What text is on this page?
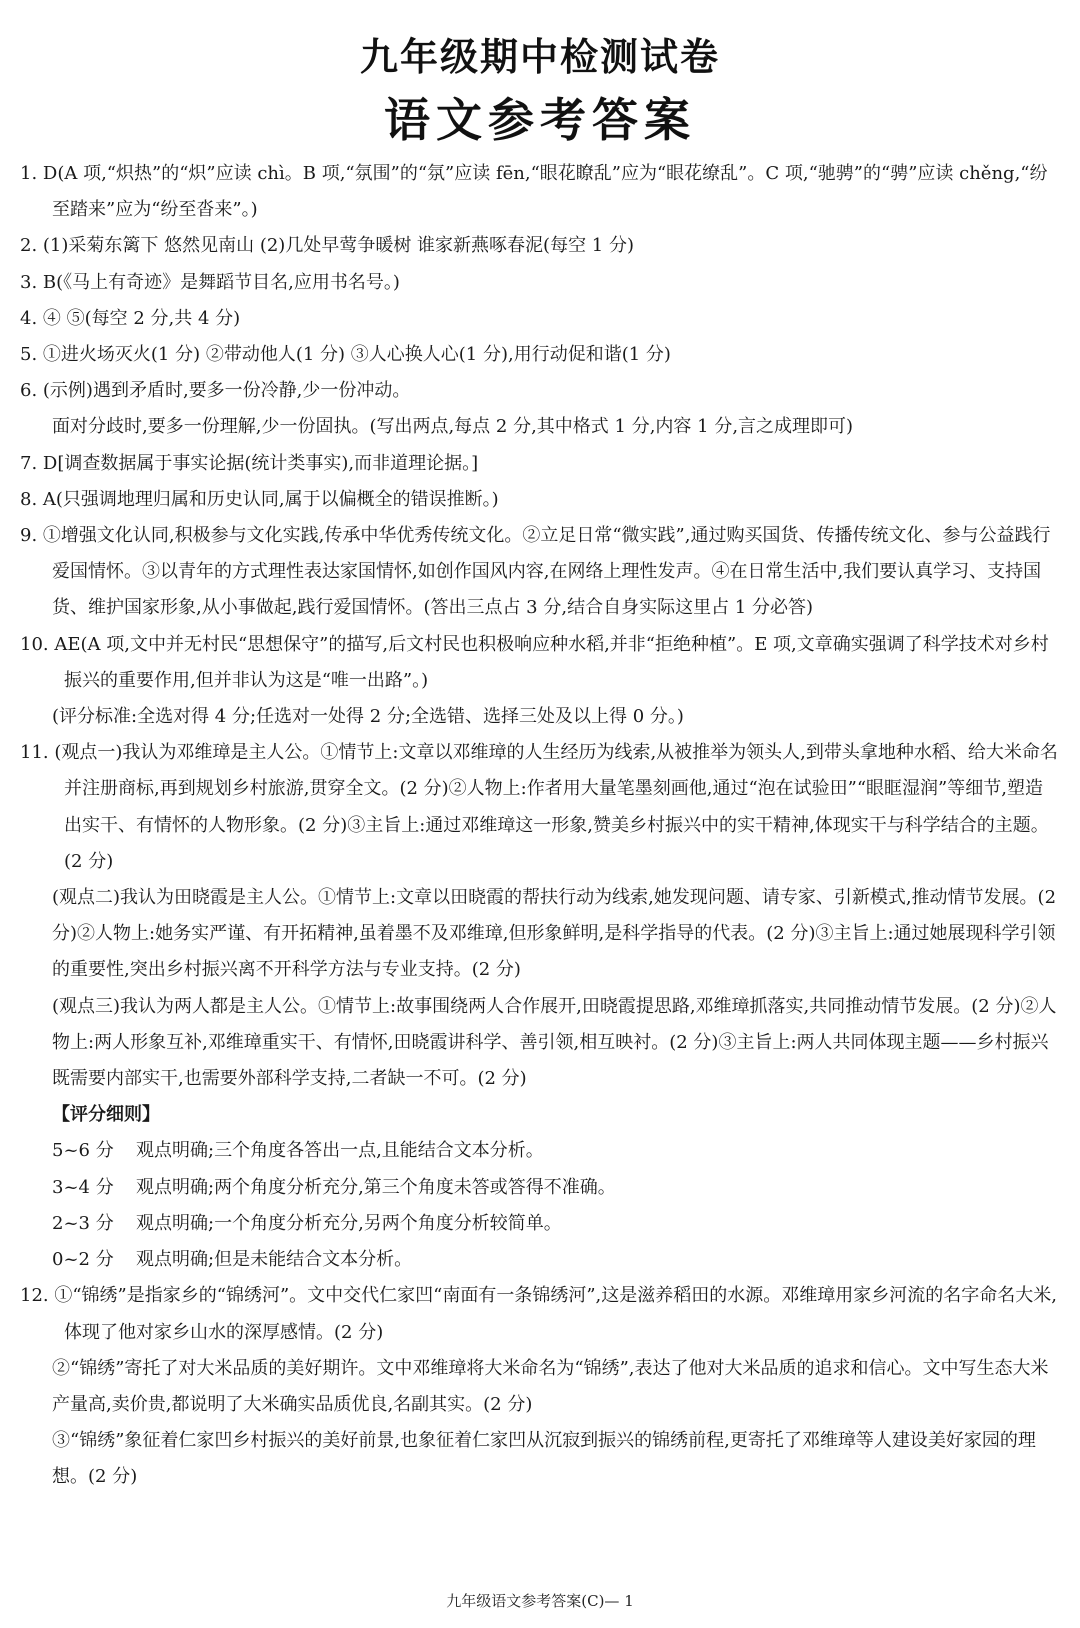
九年级期中检测试卷
语文参考答案

1. D(A 项,“炽热”的“炽”应读 chì。B 项,“氛围”的“氛”应读 fēn,“眼花瞭乱”应为“眼花缭乱”。C 项,“驰骋”的“骋”应读 chěng,“纷至踏来”应为“纷至沓来”。)

2. (1)采菊东篱下 悠然见南山 (2)几处早莺争暖树 谁家新燕啄春泥(每空 1 分)

3. B(《马上有奇迹》是舞蹈节目名,应用书名号。)

4. ④ ⑤(每空 2 分,共 4 分)

5. ①进火场灭火(1 分) ②带动他人(1 分) ③人心换人心(1 分),用行动促和谐(1 分)

6. (示例)遇到矛盾时,要多一份冷静,少一份冲动。

面对分歧时,要多一份理解,少一份固执。(写出两点,每点 2 分,其中格式 1 分,内容 1 分,言之成理即可)

7. D[调查数据属于事实论据(统计类事实),而非道理论据。]

8. A(只强调地理归属和历史认同,属于以偏概全的错误推断。)

9. ①增强文化认同,积极参与文化实践,传承中华优秀传统文化。②立足日常“微实践”,通过购买国货、传播传统文化、参与公益践行爱国情怀。③以青年的方式理性表达家国情怀,如创作国风内容,在网络上理性发声。④在日常生活中,我们要认真学习、支持国货、维护国家形象,从小事做起,践行爱国情怀。(答出三点占 3 分,结合自身实际这里占 1 分必答)

10. AE(A 项,文中并无村民“思想保守”的描写,后文村民也积极响应种水稻,并非“拒绝种植”。E 项,文章确实强调了科学技术对乡村振兴的重要作用,但并非认为这是“唯一出路”。)

(评分标准:全选对得 4 分;任选对一处得 2 分;全选错、选择三处及以上得 0 分。)

11. (观点一)我认为邓维璋是主人公。①情节上:文章以邓维璋的人生经历为线索,从被推举为领头人,到带头拿地种水稻、给大米命名并注册商标,再到规划乡村旅游,贯穿全文。(2 分)②人物上:作者用大量笔墨刻画他,通过“泡在试验田”“眼眶湿润”等细节,塑造出实干、有情怀的人物形象。(2 分)③主旨上:通过邓维璋这一形象,赞美乡村振兴中的实干精神,体现实干与科学结合的主题。(2 分)

(观点二)我认为田晓霞是主人公。①情节上:文章以田晓霞的帮扶行动为线索,她发现问题、请专家、引新模式,推动情节发展。(2 分)②人物上:她务实严谨、有开拓精神,虽着墨不及邓维璋,但形象鲜明,是科学指导的代表。(2 分)③主旨上:通过她展现科学引领的重要性,突出乡村振兴离不开科学方法与专业支持。(2 分)

(观点三)我认为两人都是主人公。①情节上:故事围绕两人合作展开,田晓霞提思路,邓维璋抓落实,共同推动情节发展。(2 分)②人物上:两人形象互补,邓维璋重实干、有情怀,田晓霞讲科学、善引领,相互映衬。(2 分)③主旨上:两人共同体现主题——乡村振兴既需要内部实干,也需要外部科学支持,二者缺一不可。(2 分)

【评分细则】

5~6 分 观点明确;三个角度各答出一点,且能结合文本分析。

3~4 分 观点明确;两个角度分析充分,第三个角度未答或答得不准确。

2~3 分 观点明确;一个角度分析充分,另两个角度分析较简单。

0~2 分 观点明确;但是未能结合文本分析。

12. ①“锦绣”是指家乡的“锦绣河”。文中交代仁家凹“南面有一条锦绣河”,这是滋养稻田的水源。邓维璋用家乡河流的名字命名大米,体现了他对家乡山水的深厚感情。(2 分)

②“锦绣”寄托了对大米品质的美好期许。文中邓维璋将大米命名为“锦绣”,表达了他对大米品质的追求和信心。文中写生态大米产量高,卖价贵,都说明了大米确实品质优良,名副其实。(2 分)

③“锦绣”象征着仁家凹乡村振兴的美好前景,也象征着仁家凹从沉寂到振兴的锦绣前程,更寄托了邓维璋等人建设美好家园的理想。(2 分)

九年级语文参考答案(C)— 1
